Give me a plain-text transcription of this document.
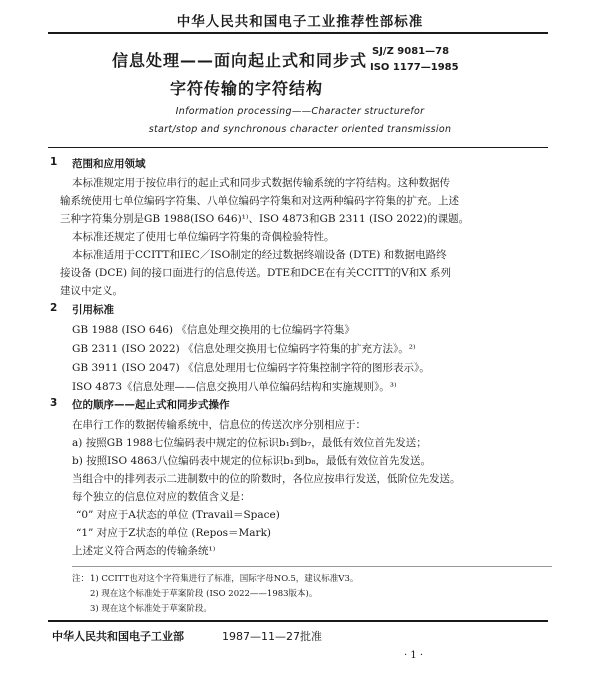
中华人民共和国电子工业推荐性部标准
信息处理——面向起止式和同步式
字符传输的字符结构
SJ/Z 9081—78
ISO 1177—1985
Information processing——Character structurefor
start/stop and synchronous character oriented transmission
1 范围和应用领域
本标准规定用于按位串行的起止式和同步式数据传输系统的字符结构。这种数据传
输系统使用七单位编码字符集、八单位编码字符集和对这两种编码字符集的扩充。上述
三种字符集分别是GB 1988(ISO 646)¹⁾、ISO 4873和GB 2311 (ISO 2022)的课题。
本标准还规定了使用七单位编码字符集的奇偶检验特性。
本标准适用于CCITT和IEC／ISO制定的经过数据终端设备 (DTE) 和数据电路终
接设备 (DCE) 间的接口面进行的信息传送。DTE和DCE在有关CCITT的V和X 系列
建议中定义。
2 引用标准
GB 1988 (ISO 646) 《信息处理交换用的七位编码字符集》
GB 2311 (ISO 2022) 《信息处理交换用七位编码字符集的扩充方法》。²⁾
GB 3911 (ISO 2047) 《信息处理用七位编码字符集控制字符的图形表示》。
ISO 4873《信息处理——信息交换用八单位编码结构和实施规则》。³⁾
3 位的顺序——起止式和同步式操作
在串行工作的数据传输系统中，信息位的传送次序分别相应于：
a) 按照GB 1988七位编码表中规定的位标识b₁到b₇，最低有效位首先发送；
b) 按照ISO 4863八位编码表中规定的位标识b₁到b₈，最低有效位首先发送。
当组合中的排列表示二进制数中的位的阶数时，各位应按串行发送，低阶位先发送。
每个独立的信息位对应的数值含义是：
“0” 对应于A状态的单位 (Travail＝Space)
“1” 对应于Z状态的单位 (Repos＝Mark)
上述定义符合两态的传输条统¹⁾
注： 1) CCITT也对这个字符集进行了标准，国际字母NO.5，建议标准V3。
2) 现在这个标准处于草案阶段 (ISO 2022——1983版本)。
3) 现在这个标准处于草案阶段。
中华人民共和国电子工业部	1987—11—27批准
· 1 ·
